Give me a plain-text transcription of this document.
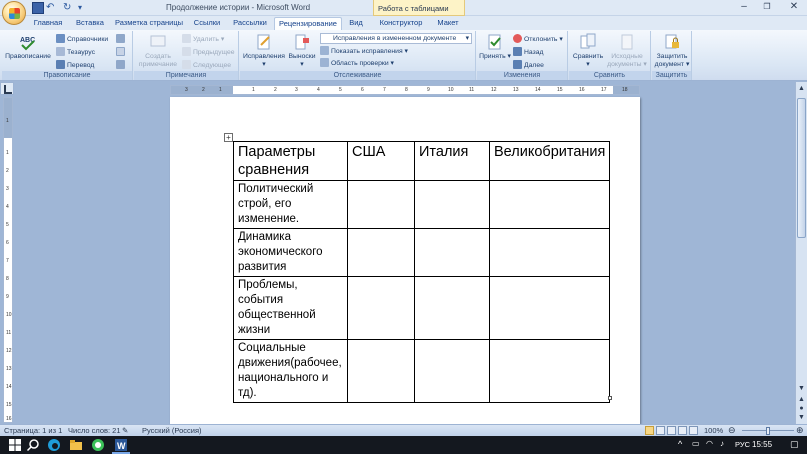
↶ ↻ ▾	Продолжение истории - Microsoft Word	Работа с таблицами	–	❐	✕
Главная Вставка Разметка страницы Ссылки Рассылки	Рецензирование	Вид	Конструктор	Макет
ABC
Правописание
Справочники
Тезаурус
Перевод
Правописание
Создать примечание
Удалить ▾
Предыдущее
Следующее
Примечания
Исправления ▾
Выноски ▾
Исправления в измененном документе ▾
Показать исправления ▾
Область проверки ▾
Отслеживание
Принять ▾
Отклонить ▾
Назад
Далее
Изменения
Сравнить ▾
Исходные документы ▾
Сравнить
Защитить документ ▾
Защитить
3	2	1	1	2	3	4	5	6	7	8	9	10	11	12	13	14	15	16	17	18
1
1
2
3
4
5
6
7
8
9
10
11
12
13
14
15
16
+
Параметры сравнения	США	Италия	Великобритания
Политический строй, его изменение.			
Динамика экономического развития			
Проблемы, события общественной жизни			
Социальные движения(рабочее, национального и тд).			
▲
▼
▲
●
▼
Страница: 1 из 1 Число слов: 21 ✎ Русский (Россия)	100% ⊖	⊕
W	^ ▭ ◠ ♪ РУС 15:55 ▢
